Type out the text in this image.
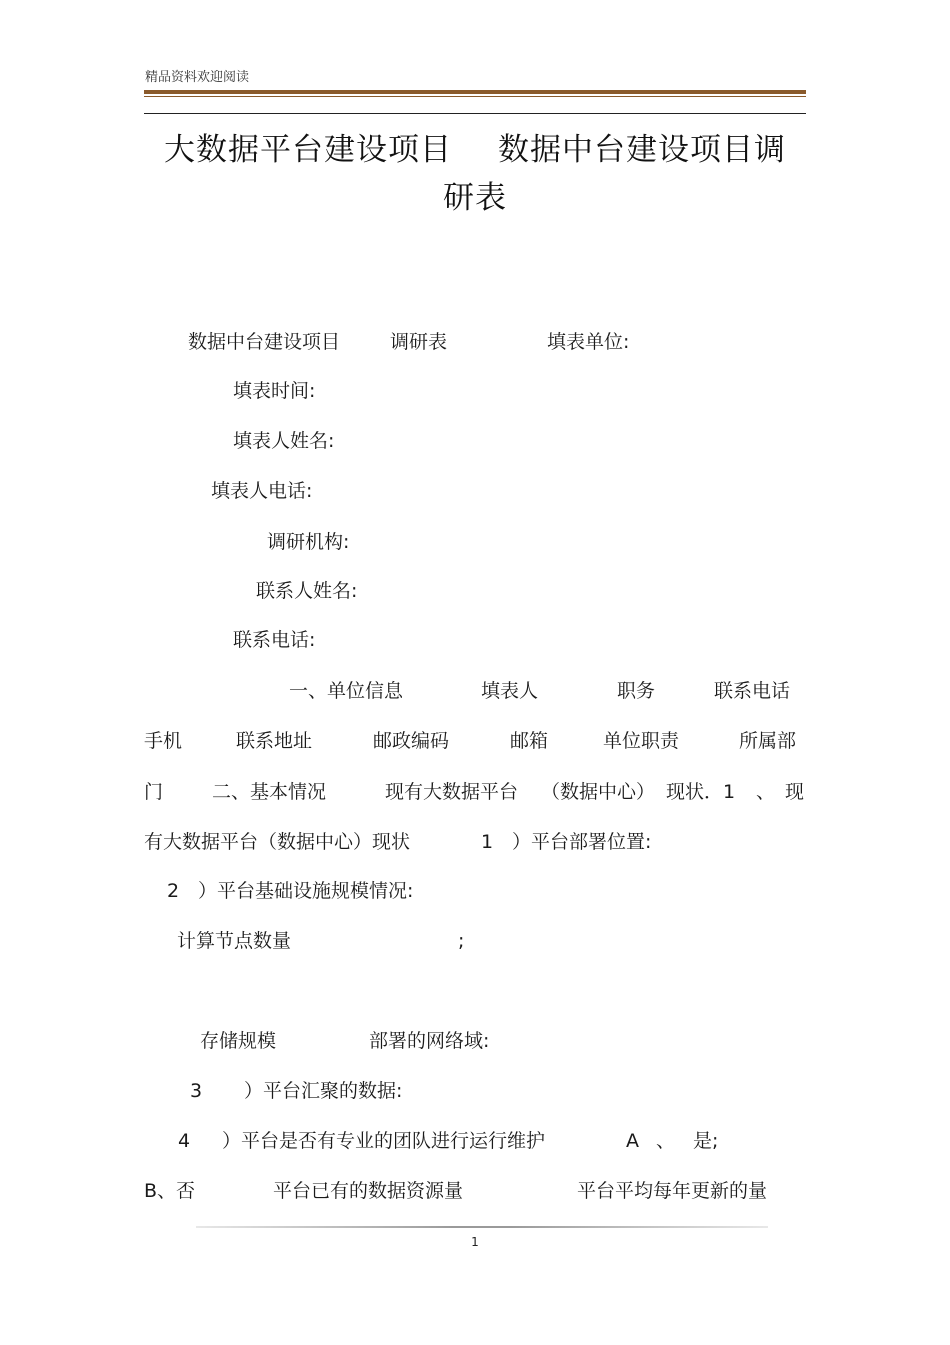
精品资料欢迎阅读
大数据平台建设项目 数据中台建设项目调
研表
数据中台建设项目	调研表	填表单位:
填表时间:
填表人姓名:
填表人电话:
调研机构:
联系人姓名:
联系电话:
一、单位信息	填表人	职务	联系电话
手机	联系地址	邮政编码	邮箱	单位职责	所属部
门	二、基本情况	现有大数据平台 （数据中心） 现状．1 、 现
有大数据平台（数据中心）现状	1 ）平台部署位置:
2 ）平台基础设施规模情况:
计算节点数量	;
存储规模	部署的网络域:
3 ）平台汇聚的数据:
4 ）平台是否有专业的团队进行运行维护	A 、 是;
B、否	平台已有的数据资源量	平台平均每年更新的量
1
